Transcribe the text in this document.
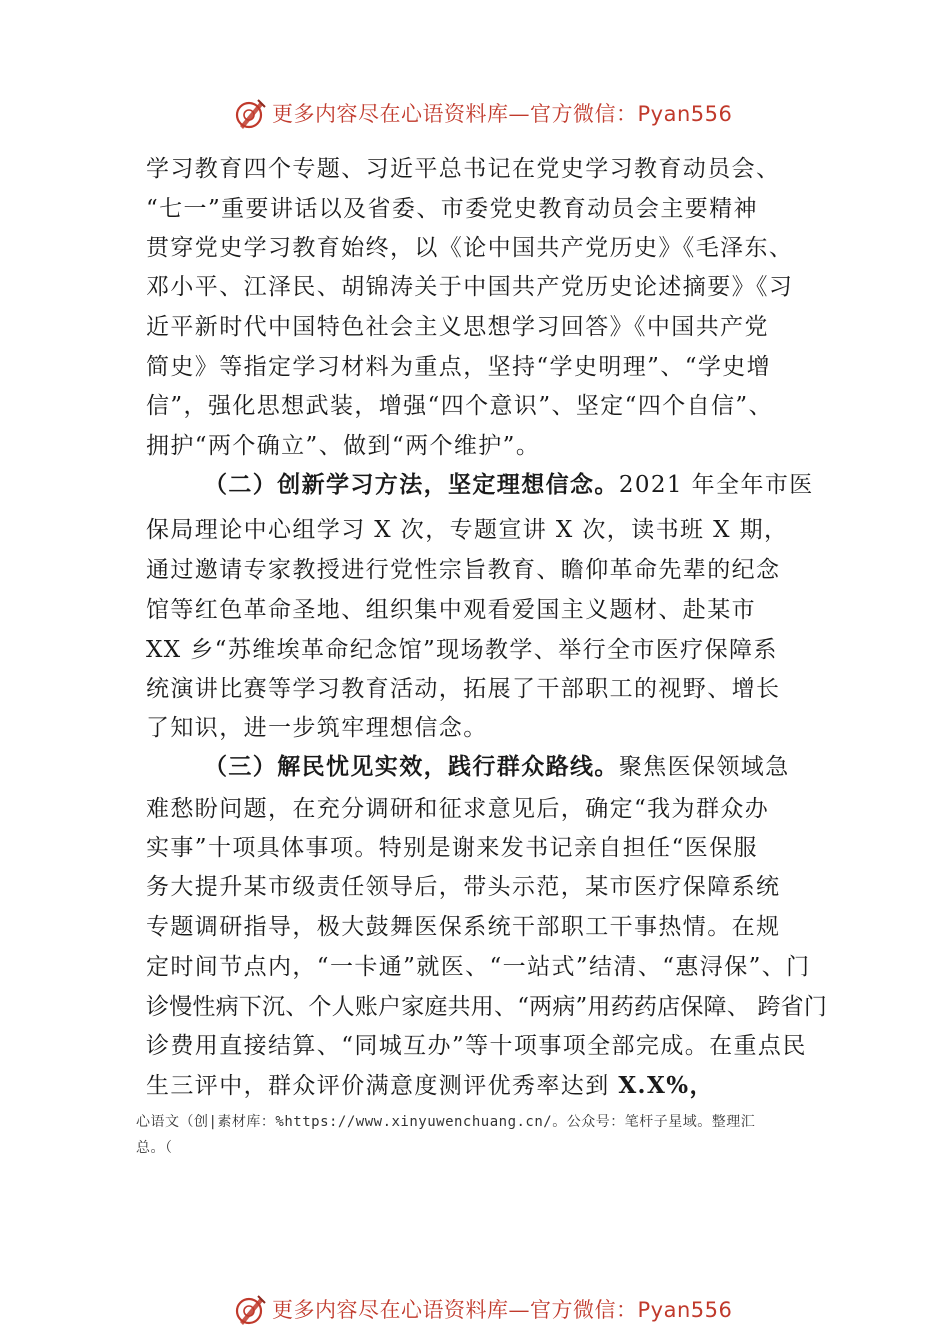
更多内容尽在心语资料库—官方微信：Pyan556
学习教育四个专题、习近平总书记在党史学习教育动员会、
“七一”重要讲话以及省委、市委党史教育动员会主要精神
贯穿党史学习教育始终，以《论中国共产党历史》《毛泽东、
邓小平、江泽民、胡锦涛关于中国共产党历史论述摘要》《习
近平新时代中国特色社会主义思想学习回答》《中国共产党
简史》等指定学习材料为重点，坚持“学史明理”、“学史增
信”，强化思想武装，增强“四个意识”、坚定“四个自信”、
拥护“两个确立”、做到“两个维护”。
（二）创新学习方法，坚定理想信念。2021 年全年市医
保局理论中心组学习 X 次，专题宣讲 X 次，读书班 X 期，
通过邀请专家教授进行党性宗旨教育、瞻仰革命先辈的纪念
馆等红色革命圣地、组织集中观看爱国主义题材、赴某市
XX 乡“苏维埃革命纪念馆”现场教学、举行全市医疗保障系
统演讲比赛等学习教育活动，拓展了干部职工的视野、增长
了知识，进一步筑牢理想信念。
（三）解民忧见实效，践行群众路线。聚焦医保领域急
难愁盼问题，在充分调研和征求意见后，确定“我为群众办
实事”十项具体事项。特别是谢来发书记亲自担任“医保服
务大提升某市级责任领导后，带头示范，某市医疗保障系统
专题调研指导，极大鼓舞医保系统干部职工干事热情。在规
定时间节点内，“一卡通”就医、“一站式”结清、“惠浔保”、门
诊慢性病下沉、个人账户家庭共用、“两病”用药药店保障、 跨省门
诊费用直接结算、“同城互办”等十项事项全部完成。在重点民
生三评中，群众评价满意度测评优秀率达到 X.X%，
心语文（创|素材库：%https://www.xinyuwenchuang.cn/。公众号：笔杆子星域。整理汇
总。（
更多内容尽在心语资料库—官方微信：Pyan556
